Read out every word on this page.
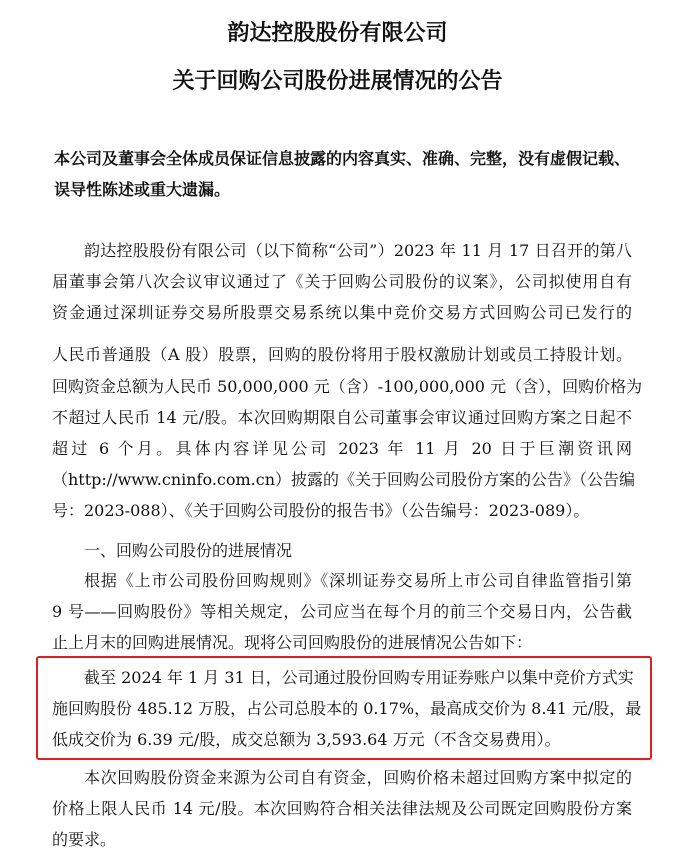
韵达控股股份有限公司
关于回购公司股份进展情况的公告
本公司及董事会全体成员保证信息披露的内容真实、准确、完整，没有虚假记载、误导性陈述或重大遗漏。
韵达控股股份有限公司（以下简称“公司”）2023 年 11 月 17 日召开的第八
届董事会第八次会议审议通过了《关于回购公司股份的议案》，公司拟使用自有
资金通过深圳证券交易所股票交易系统以集中竞价交易方式回购公司已发行的
人民币普通股（A 股）股票，回购的股份将用于股权激励计划或员工持股计划。
回购资金总额为人民币 50,000,000 元（含）-100,000,000 元（含），回购价格为
不超过人民币 14 元/股。本次回购期限自公司董事会审议通过回购方案之日起不
超过 6 个月。具体内容详见公司 2023 年 11 月 20 日于巨潮资讯网
（http://www.cninfo.com.cn）披露的《关于回购公司股份方案的公告》（公告编
号：2023-088）、《关于回购公司股份的报告书》（公告编号：2023-089）。
一、回购公司股份的进展情况
根据《上市公司股份回购规则》《深圳证券交易所上市公司自律监管指引第
9 号——回购股份》等相关规定，公司应当在每个月的前三个交易日内，公告截
止上月末的回购进展情况。现将公司回购股份的进展情况公告如下：
截至 2024 年 1 月 31 日，公司通过股份回购专用证券账户以集中竞价方式实
施回购股份 485.12 万股，占公司总股本的 0.17%，最高成交价为 8.41 元/股，最
低成交价为 6.39 元/股，成交总额为 3,593.64 万元（不含交易费用）。
本次回购股份资金来源为公司自有资金，回购价格未超过回购方案中拟定的
价格上限人民币 14 元/股。本次回购符合相关法律法规及公司既定回购股份方案
的要求。
